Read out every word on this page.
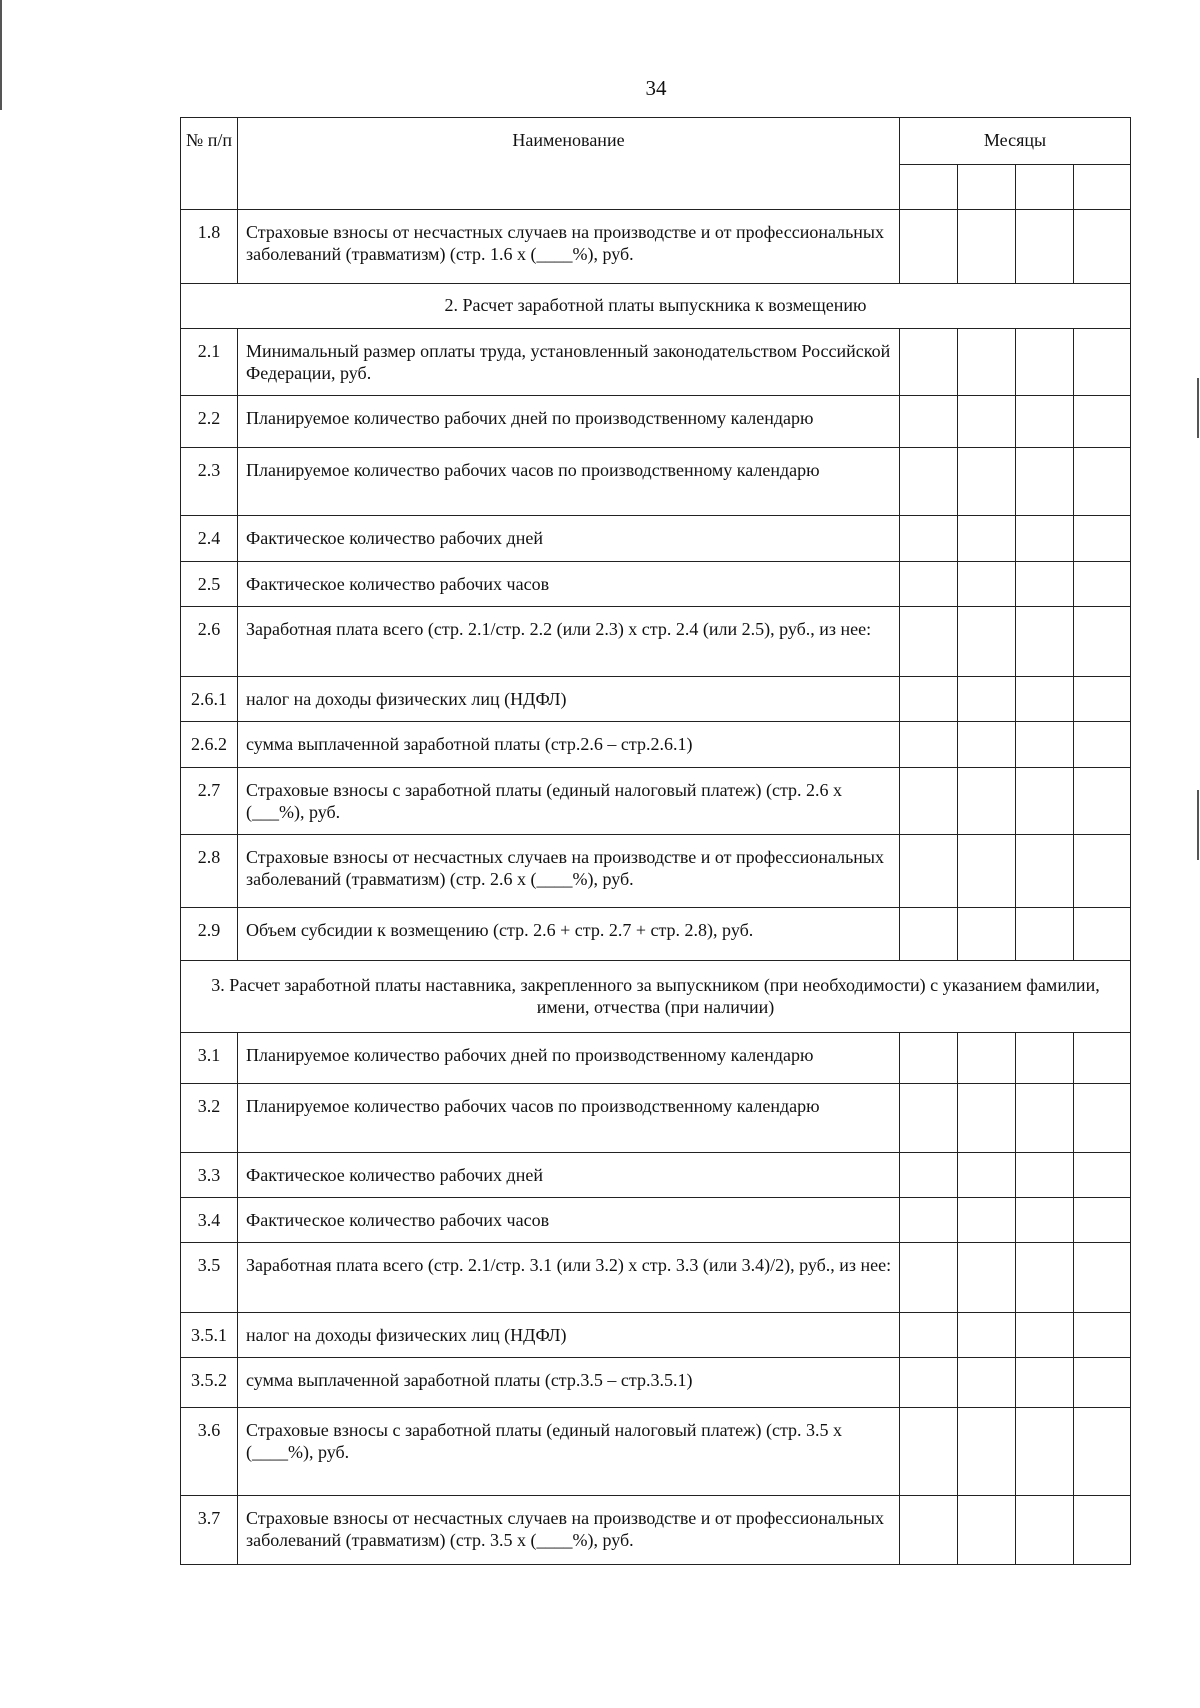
34
№ п/п	Наименование	Месяцы			

1.8	Страховые взносы от несчастных случаев на производстве и от профессиональных заболеваний (травматизм) (стр. 1.6 х (____%), руб.				
2. Расчет заработной платы выпускника к возмещению					
2.1	Минимальный размер оплаты труда, установленный законодательством Российской Федерации, руб.				
2.2	Планируемое количество рабочих дней по производственному календарю				
2.3	Планируемое количество рабочих часов по производственному календарю				
2.4	Фактическое количество рабочих дней				
2.5	Фактическое количество рабочих часов				
2.6	Заработная плата всего (стр. 2.1/стр. 2.2 (или 2.3) х стр. 2.4 (или 2.5), руб., из нее:				
2.6.1	налог на доходы физических лиц (НДФЛ)				
2.6.2	сумма выплаченной заработной платы (стр.2.6 – стр.2.6.1)				
2.7	Страховые взносы с заработной платы (единый налоговый платеж) (стр. 2.6 х (___%), руб.				
2.8	Страховые взносы от несчастных случаев на производстве и от профессиональных заболеваний (травматизм) (стр. 2.6 х (____%), руб.				
2.9	Объем субсидии к возмещению (стр. 2.6 + стр. 2.7 + стр. 2.8), руб.				
3. Расчет заработной платы наставника, закрепленного за выпускником (при необходимости) с указанием фамилии, имени, отчества (при наличии)					
3.1	Планируемое количество рабочих дней по производственному календарю				
3.2	Планируемое количество рабочих часов по производственному календарю				
3.3	Фактическое количество рабочих дней				
3.4	Фактическое количество рабочих часов				
3.5	Заработная плата всего (стр. 2.1/стр. 3.1 (или 3.2) х стр. 3.3 (или 3.4)/2), руб., из нее:				
3.5.1	налог на доходы физических лиц (НДФЛ)				
3.5.2	сумма выплаченной заработной платы (стр.3.5 – стр.3.5.1)				
3.6	Страховые взносы с заработной платы (единый налоговый платеж) (стр. 3.5 х (____%), руб.				
3.7	Страховые взносы от несчастных случаев на производстве и от профессиональных заболеваний (травматизм) (стр. 3.5 х (____%), руб.				
